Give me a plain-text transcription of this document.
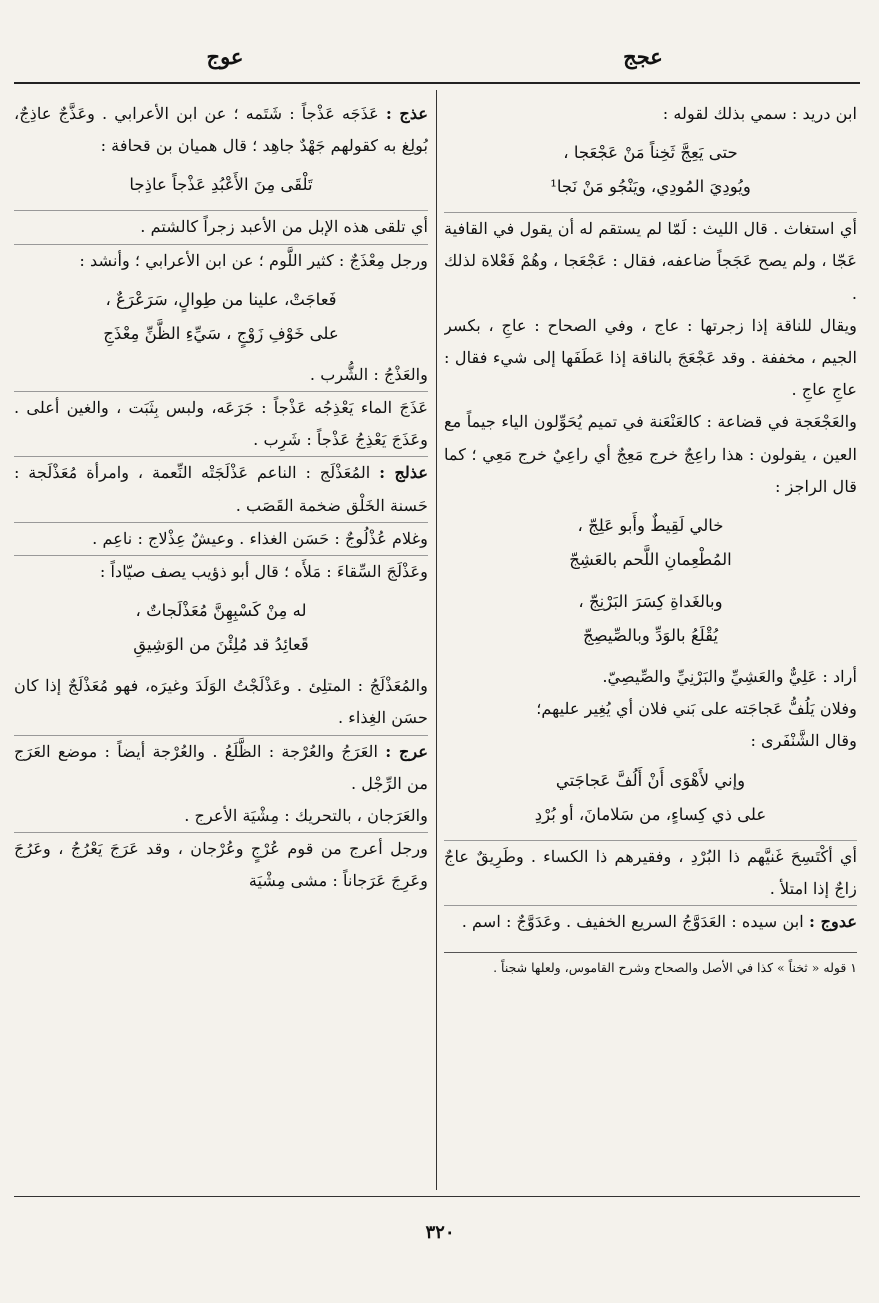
عجج
عوج

ابن دريد : سمي بذلك لقوله :

حتى يَعِجَّ ثَخِناً مَنْ عَجْعَجا ،
ويُودِيَ المُودِي، ويَنْجُو مَنْ نَجا¹

أي استغاث . قال الليث : لَمّا لم يستقم له أن يقول في القافية عَجّا ، ولم يصح عَجَجاً ضاعفه، فقال : عَجْعَجا ، وهُمْ فَعْلاة لذلك .

ويقال للناقة إذا زجرتها : عاج ، وفي الصحاح : عاجِ ، بكسر الجيم ، مخففة . وقد عَجْعَجَ بالناقة إذا عَطَفَها إلى شيء فقال : عاجِ عاجِ .

والعَجْعَجة في قضاعة : كالعَنْعَنة في تميم يُحَوِّلون الياء جيماً مع العين ، يقولون : هذا راعِجٌ خرج مَعِجٌ أي راعِيٌ خرج مَعِي ؛ كما قال الراجز :

خالي لَقِيطٌ وأَبو عَلِجّ ،
المُطْعِمانِ اللَّحم بالعَشِجّ
وبالغَداةِ كِسَرَ البَرْنِجّ ،
يُقْلَعُ بالوَدِّ وبالصِّيصِجّ

أراد : عَلِيٌّ والعَشِيِّ والبَرْنِيِّ والصِّيصِيّ.

وفلان يَلُفُّ عَجاجَته على بَني فلان أي يُغِير عليهم؛

وقال الشَّنْفَرى :

وإني لأَهْوَى أَنْ أَلُفَّ عَجاجَتي
على ذي كِساءٍ، من سَلامانَ، أو بُرْدِ

أي أكْتَسِحَ غَنيَّهم ذا البُرْدِ ، وفقيرهم ذا الكساء . وطَرِيقٌ عاجٌ زاجٌ إذا امتلأ .

عدوج : ابن سيده : العَدَوَّجُ السريع الخفيف . وعَدَوَّجٌ : اسم .

١ قوله « ثخناً » كذا في الأصل والصحاح وشرح القاموس، ولعلها شجناً .

عذج : عَذَجَه عَذْجاً : شَتَمه ؛ عن ابن الأعرابي . وعَذَّجٌ عاذِجٌ، بُولِغ به كقولهم جَهْدٌ جاهِد ؛ قال هميان بن قحافة :

تَلْقَى مِنَ الأَعْبُدِ عَذْجاً عاذِجا

أي تلقى هذه الإبل من الأعبد زجراً كالشتم .

ورجل مِعْذَجٌ : كثير اللَّوم ؛ عن ابن الأعرابي ؛ وأنشد :

فَعاجَتْ، علينا من طِوالٍ، سَرَعْرَعٌ ،
على خَوْفِ زَوْجٍ ، سَيِّءِ الظَّنِّ مِعْذَجِ

والعَذْجُ : الشُّرب .

عَذَجَ الماء يَعْذِجُه عَذْجاً : جَرَعَه، ولبس بِثَبَت ، والغين أعلى . وعَذَجَ يَعْذِجُ عَذْجاً : شَرِب .

عذلج : المُعَذْلَج : الناعم عَذْلَجَتْه النِّعمة ، وامرأة مُعَذْلَجة : حَسنة الخَلْق ضخمة القَصَب .

وغلام عُذْلُوجٌ : حَسَن الغذاء . وعيشٌ عِذْلاج : ناعِم .

وعَذْلَجَ السِّقاءَ : مَلأَه ؛ قال أبو ذؤيب يصف صيّاداً :

له مِنْ كَسْبِهِنَّ مُعَذْلَجاتٌ ،
قَعائِدُ قد مُلِئْنَ من الوَشِيقِ

والمُعَذْلَجُ : المتلِئ . وعَذْلَجْتُ الوَلَدَ وغيرَه، فهو مُعَذْلَجٌ إذا كان حسَن الغِذاء .

عرج : العَرَجُ والعُرْجة : الظَّلَعُ . والعُرْجة أيضاً : موضع العَرَج من الرِّجْل .

والعَرَجان ، بالتحريك : مِشْيَة الأعرج .

ورجل أعرج من قوم عُرْجٍ وعُرْجان ، وقد عَرَجَ يَعْرُجُ ، وعَرُجَ وعَرِجَ عَرَجاناً : مشى مِشْيَة

٣٢٠
